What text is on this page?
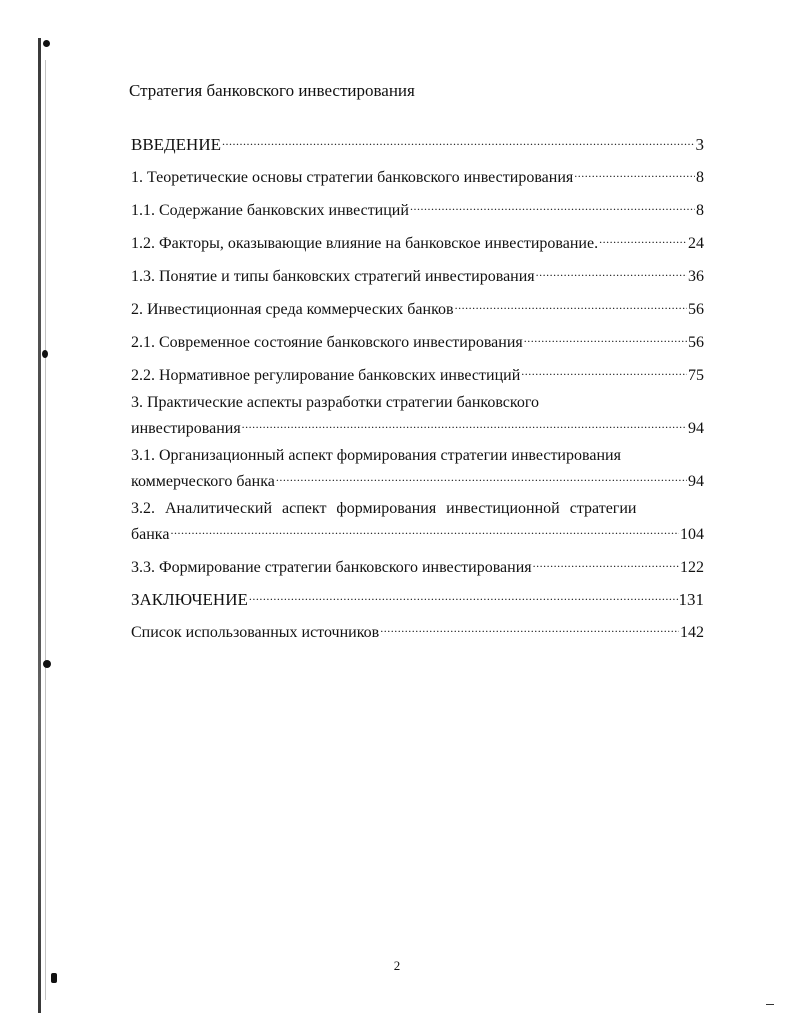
Стратегия банковского инвестирования
ВВЕДЕНИЕ .....	3
1. Теоретические основы стратегии банковского инвестирования .....	8
1.1. Содержание банковских инвестиций .....	8
1.2. Факторы, оказывающие влияние на банковское инвестирование. .....	24
1.3. Понятие и типы банковских стратегий инвестирования .....	36
2. Инвестиционная среда коммерческих банков .....	56
2.1. Современное состояние банковского инвестирования .....	56
2.2. Нормативное регулирование банковских инвестиций .....	75
3. Практические аспекты разработки стратегии банковского
инвестирования .....	94
3.1. Организационный аспект формирования стратегии инвестирования
коммерческого банка .....	94
3.2. Аналитический аспект формирования инвестиционной стратегии
банка .....	104
3.3. Формирование стратегии банковского инвестирования .....	122
ЗАКЛЮЧЕНИЕ .....	131
Список использованных источников .....	142
2
